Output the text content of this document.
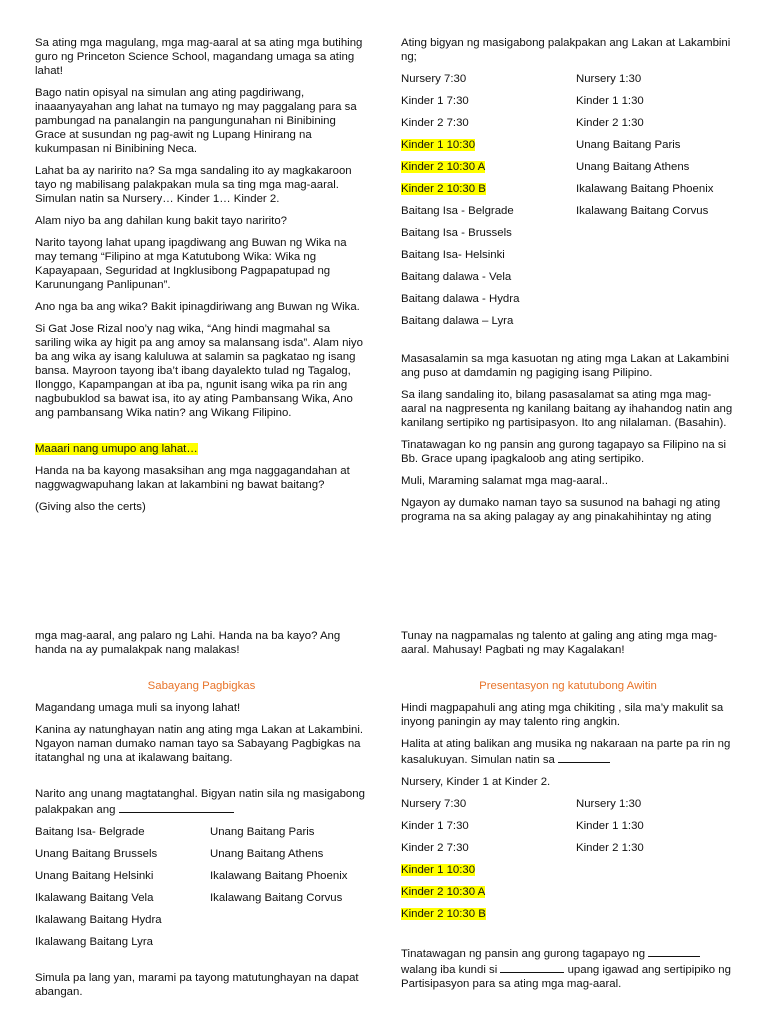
Sa ating mga magulang, mga mag-aaral at sa ating mga butihing guro ng Princeton Science School, magandang umaga sa ating lahat!

Bago natin opisyal na simulan ang ating pagdiriwang, inaaanyayahan ang lahat na tumayo ng may paggalang para sa pambungad na panalangin na pangungunahan ni Binibining Grace at susundan ng pag-awit ng Lupang Hinirang na kukumpasan ni Binibining Neca.

Lahat ba ay naririto na? Sa mga sandaling ito ay magkakaroon tayo ng mabilisang palakpakan mula sa ting mga mag-aaral. Simulan natin sa Nursery… Kinder 1… Kinder 2.

Alam niyo ba ang dahilan kung bakit tayo naririto?

Narito tayong lahat upang ipagdiwang ang Buwan ng Wika na may temang “Filipino at mga Katutubong Wika: Wika ng Kapayapaan, Seguridad at Ingklusibong Pagpapatupad ng Karunungang Panlipunan”.

Ano nga ba ang wika? Bakit ipinagdiriwang ang Buwan ng Wika.

Si Gat Jose Rizal noo’y nag wika, “Ang hindi magmahal sa sariling wika ay higit pa ang amoy sa malansang isda”. Alam niyo ba ang wika ay isang kaluluwa at salamin sa pagkatao ng isang bansa. Mayroon tayong iba’t ibang dayalekto tulad ng Tagalog, Ilonggo, Kapampangan at iba pa, ngunit isang wika pa rin ang nagbubuklod sa bawat isa, ito ay ating Pambansang Wika, Ano ang pambansang Wika natin? ang Wikang Filipino.

Maaari nang umupo ang lahat…

Handa na ba kayong masaksihan ang mga naggagandahan at naggwagwapuhang lakan at lakambini ng bawat baitang?

(Giving also the certs)

Ating bigyan ng masigabong palakpakan ang Lakan at Lakambini ng;

Nursery 7:30	Nursery 1:30
Kinder 1 7:30	Kinder 1 1:30
Kinder 2 7:30	Kinder 2 1:30
Kinder 1 10:30	Unang Baitang Paris
Kinder 2 10:30 A	Unang Baitang Athens
Kinder 2 10:30 B	Ikalawang Baitang Phoenix
Baitang Isa - Belgrade	Ikalawang Baitang Corvus
Baitang Isa - Brussels
Baitang Isa- Helsinki
Baitang dalawa - Vela
Baitang dalawa - Hydra
Baitang dalawa – Lyra

Masasalamin sa mga kasuotan ng ating mga Lakan at Lakambini ang puso at damdamin ng pagiging isang Pilipino.

Sa ilang sandaling ito, bilang pasasalamat sa ating mga mag-aaral na nagpresenta ng kanilang baitang ay ihahandog natin ang kanilang sertipiko ng partisipasyon. Ito ang nilalaman. (Basahin).

Tinatawagan ko ng pansin ang gurong tagapayo sa Filipino na si Bb. Grace upang ipagkaloob ang ating sertipiko.

Muli, Maraming salamat mga mag-aaral..

Ngayon ay dumako naman tayo sa susunod na bahagi ng ating programa na sa aking palagay ay ang pinakahihintay ng ating

mga mag-aaral, ang palaro ng Lahi. Handa na ba kayo? Ang handa na ay pumalakpak nang malakas!

Sabayang Pagbigkas

Magandang umaga muli sa inyong lahat!

Kanina ay natunghayan natin ang ating mga Lakan at Lakambini. Ngayon naman dumako naman tayo sa Sabayang Pagbigkas na itatanghal ng una at ikalawang baitang.

Narito ang unang magtatanghal. Bigyan natin sila ng masigabong palakpakan ang

Baitang Isa- Belgrade	Unang Baitang Paris
Unang Baitang Brussels	Unang Baitang Athens
Unang Baitang Helsinki	Ikalawang Baitang Phoenix
Ikalawang Baitang Vela	Ikalawang Baitang Corvus
Ikalawang Baitang Hydra
Ikalawang Baitang Lyra

Simula pa lang yan, marami pa tayong matutunghayan na dapat abangan.

Tunay na nagpamalas ng talento at galing ang ating mga mag-aaral. Mahusay! Pagbati ng may Kagalakan!

Presentasyon ng katutubong Awitin

Hindi magpapahuli ang ating mga chikiting , sila ma’y makulit sa inyong paningin ay may talento ring angkin.

Halita at ating balikan ang musika ng nakaraan na parte pa rin ng kasalukuyan. Simulan natin sa

Nursery, Kinder 1 at Kinder 2.

Nursery 7:30	Nursery 1:30
Kinder 1 7:30	Kinder 1 1:30
Kinder 2 7:30	Kinder 2 1:30
Kinder 1 10:30
Kinder 2 10:30 A
Kinder 2 10:30 B

Tinatawagan ng pansin ang gurong tagapayo ng  walang iba kundi si	upang igawad ang sertipipiko ng Partisipasyon para sa ating mga mag-aaral.
